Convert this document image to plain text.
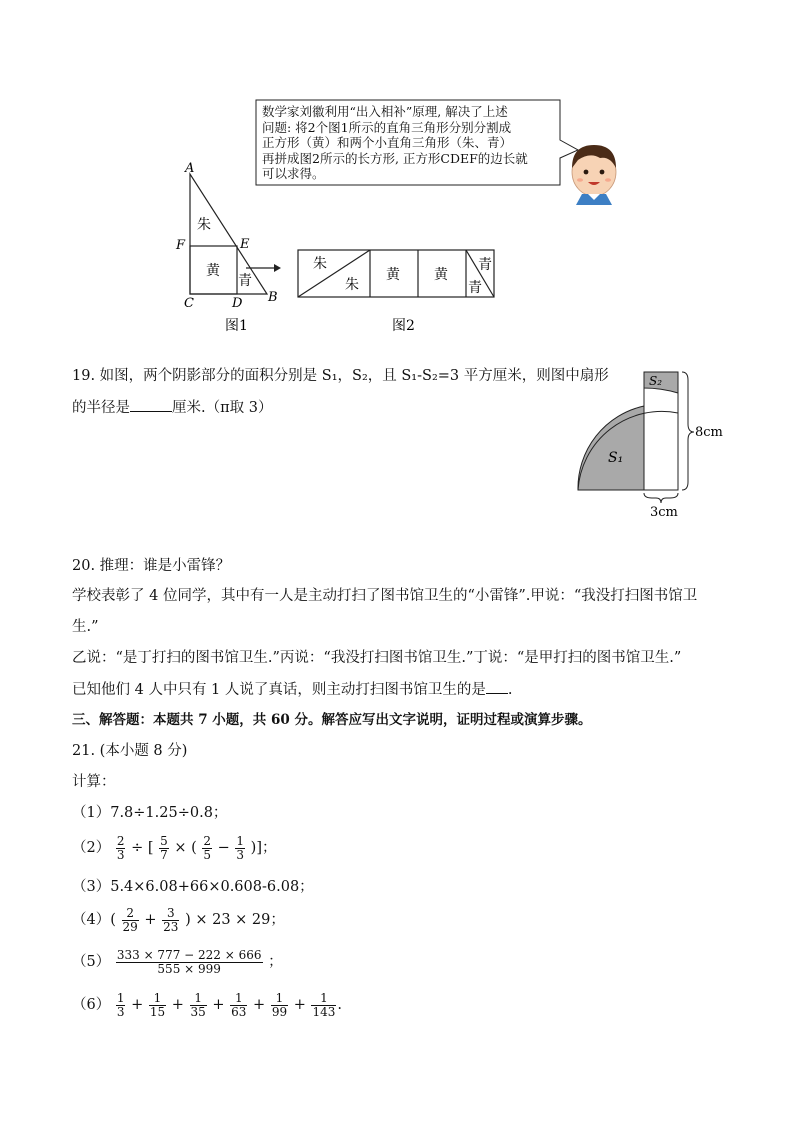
A
F	E
C	D B
朱
黄
青
图1
朱
朱
黄 黄
青
青
图2
数学家刘徽利用“出入相补”原理, 解决了上述
问题: 将2个图1所示的直角三角形分别分割成
正方形（黄）和两个小直角三角形（朱、青）
再拼成图2所示的长方形, 正方形CDEF的边长就
可以求得。
19. 如图，两个阴影部分的面积分别是 S₁，S₂，且 S₁-S₂=3 平方厘米，则图中扇形
的半径是	厘米.（π取 3）
S₁
S₂
8cm
3cm
20. 推理：谁是小雷锋？
学校表彰了 4 位同学，其中有一人是主动打扫了图书馆卫生的“小雷锋”.甲说：“我没打扫图书馆卫
生.”
乙说：“是丁打扫的图书馆卫生.”丙说：“我没打扫图书馆卫生.”丁说：“是甲打扫的图书馆卫生.”
已知他们 4 人中只有 1 人说了真话，则主动打扫图书馆卫生的是 .
三、解答题：本题共 7 小题，共 60 分。解答应写出文字说明，证明过程或演算步骤。
21. (本小题 8 分)
计算：
（1）7.8÷1.25÷0.8；
$(2) \frac{2}{3}$ ÷ [ $\frac{5}{7}$ × ( $\frac{2}{5} - \frac{1}{3}$ )]；
（3）5.4×6.08+66×0.608-6.08；
$(4)( \frac{2}{29} + \frac{3}{23}$ ) × 23 × 29；
$(5) \frac{333 \times 777 - 222 \times 666}{555 \times 999}$ ；
$(6) \frac{1}{3} + \frac{1}{15} + \frac{1}{35} + \frac{1}{63} + \frac{1}{99} + \frac{1}{143}$ .
